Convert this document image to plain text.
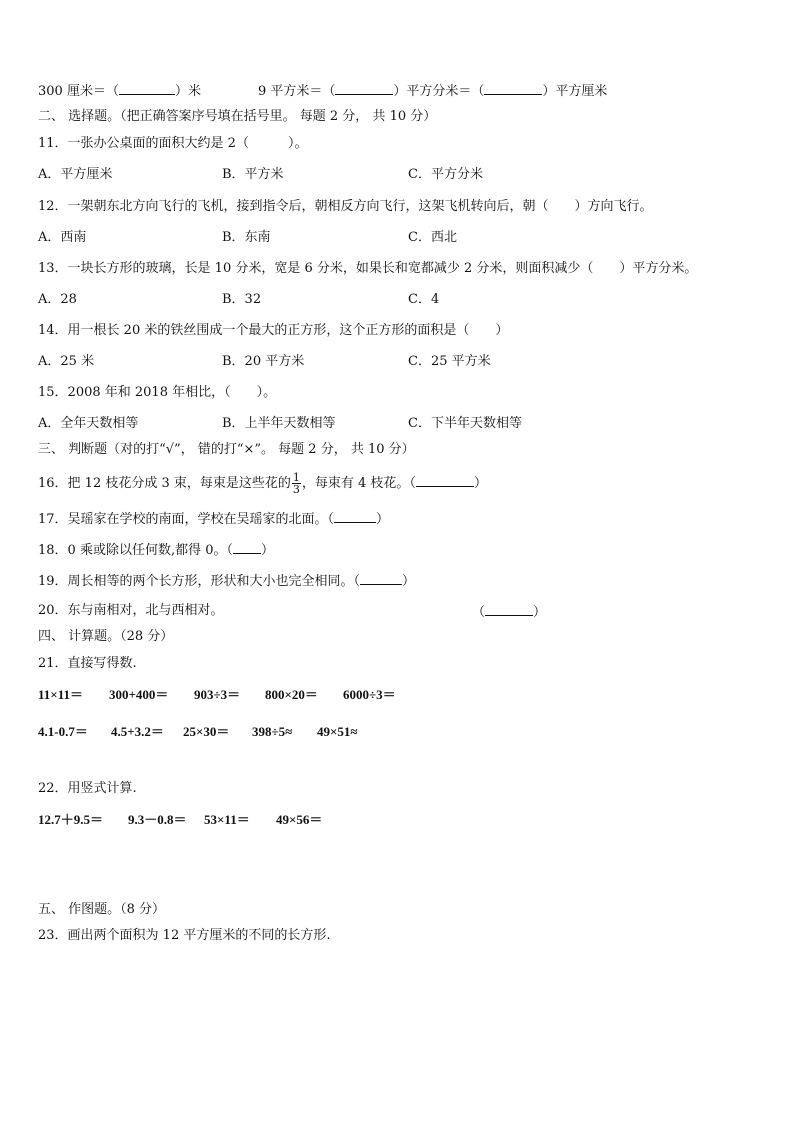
300 厘米＝（	）米	9 平方米＝（	）平方分米＝（	）平方厘米
二、 选择题。（把正确答案序号填在括号里。 每题 2 分， 共 10 分）
11．一张办公桌面的面积大约是 2（　　　）。
A．平方厘米	B．平方米	C．平方分米
12．一架朝东北方向飞行的飞机，接到指令后，朝相反方向飞行，这架飞机转向后，朝（　　）方向飞行。
A．西南	B．东南	C．西北
13．一块长方形的玻璃，长是 10 分米，宽是 6 分米，如果长和宽都减少 2 分米，则面积减少（　　）平方分米。
A．28	B．32	C．4
14．用一根长 20 米的铁丝围成一个最大的正方形，这个正方形的面积是（　　）
A．25 米	B．20 平方米	C．25 平方米
15．2008 年和 2018 年相比，（　　）。
A．全年天数相等	B．上半年天数相等	C．下半年天数相等
三、 判断题（对的打“√”， 错的打“×”。 每题 2 分， 共 10 分）
16．把 12 枝花分成 3 束，每束是这些花的 $\frac{1}{3}$ ，每束有 4 枝花。（	）
17．吴瑶家在学校的南面，学校在吴瑶家的北面。（	）
18．0 乘或除以任何数,都得 0。（ ）
19．周长相等的两个长方形，形状和大小也完全相同。（	）
20．东与南相对，北与西相对。	（	）
四、 计算题。（28 分）
21．直接写得数.
11×11＝ 300+400＝ 903÷3＝ 800×20＝ 6000÷3＝
4.1-0.7＝ 4.5+3.2＝ 25×30＝ 398÷5≈ 49×51≈
22．用竖式计算.
12.7＋9.5＝ 9.3－0.8＝ 53×11＝ 49×56＝
五、 作图题。（8 分）
23．画出两个面积为 12 平方厘米的不同的长方形.
